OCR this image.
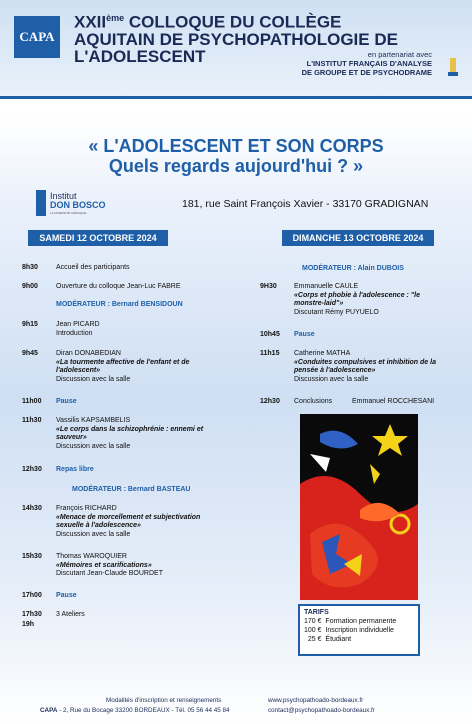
CAPA
XXIIème COLLOQUE DU COLLÈGE AQUITAIN DE PSYCHOPATHOLOGIE DE L'ADOLESCENT	en partenariat avec
L'INSTITUT FRANÇAIS D'ANALYSE
DE GROUPE ET DE PSYCHODRAME
« L'ADOLESCENT ET SON CORPS
Quels regards aujourd'hui ? »
Institut
DON BOSCO
LA DIVERSITÉ S'ÉDUQUE
181, rue Saint François Xavier - 33170 GRADIGNAN
SAMEDI 12 OCTOBRE 2024
8h30	Accueil des participants
9h00	Ouverture du colloque Jean-Luc FABRE
MODÉRATEUR : Bernard BENSIDOUN
9h15	Jean PICARD
Introduction
9h45	Diran DONABEDIAN
«La tourmente affective de l'enfant et de
l'adolescent»
Discussion avec la salle
11h00 Pause
11h30 Vassilis KAPSAMBELIS
«Le corps dans la schizophrénie : ennemi et
sauveur»
Discussion avec la salle
12h30 Repas libre
MODÉRATEUR : Bernard BASTEAU
14h30 François RICHARD
«Menace de morcellement et subjectivation
sexuelle à l'adolescence»
Discussion avec la salle
15h30 Thomas WAROQUIER
«Mémoires et scarifications»
Discutant Jean-Claude BOURDET
17h00 Pause
17h30 3 Ateliers
19h
DIMANCHE 13 OCTOBRE 2024
MODÉRATEUR : Alain DUBOIS
9H30 Emmanuelle CAULE
«Corps et phobie à l'adolescence : "le
monstre-laid"»
Discutant Rémy PUYUELO
10h45 Pause
11h15 Catherine MATHA
«Conduites compulsives et inhibition de la
pensée à l'adolescence»
Discussion avec la salle
12h30 Conclusions	Emmanuel ROCCHESANI
TARIFS
170 € Formation permanente
100 € Inscription individuelle
25 € Étudiant
Modalités d'inscription et renseignements	www.psychopathoado-bordeaux.fr
CAPA - 2, Rue du Bocage 33200 BORDEAUX - Tél. 05 56 44 45 84	contact@psychopathoado-bordeaux.fr
